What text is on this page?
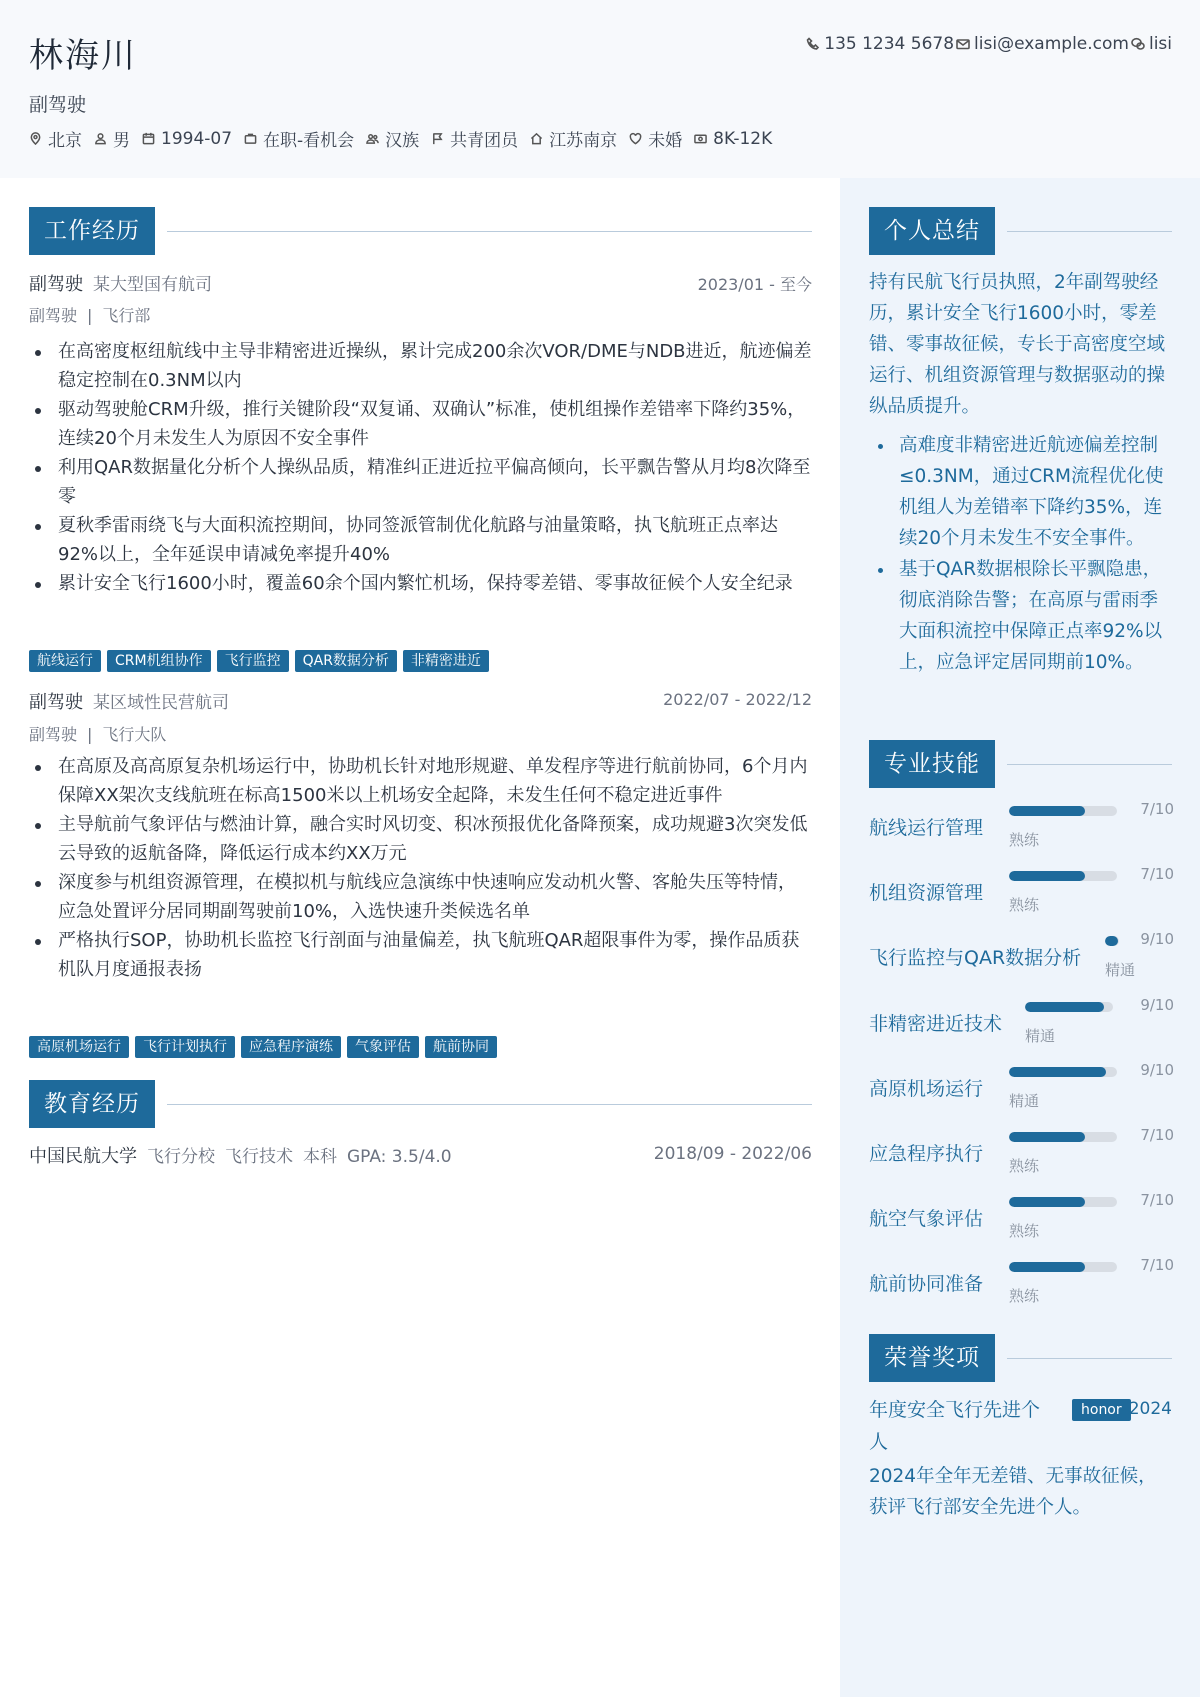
林海川
副驾驶
北京 男 1994-07 在职-看机会 汉族 共青团员 江苏南京 未婚 8K-12K
135 1234 5678 lisi@example.com lisi
工作经历
副驾驶 某大型国有航司	2023/01 - 至今
副驾驶 | 飞行部
在高密度枢纽航线中主导非精密进近操纵，累计完成200余次VOR/DME与NDB进近，航迹偏差稳定控制在0.3NM以内
驱动驾驶舱CRM升级，推行关键阶段“双复诵、双确认”标准，使机组操作差错率下降约35%，连续20个月未发生人为原因不安全事件
利用QAR数据量化分析个人操纵品质，精准纠正进近拉平偏高倾向，长平飘告警从月均8次降至零
夏秋季雷雨绕飞与大面积流控期间，协同签派管制优化航路与油量策略，执飞航班正点率达92%以上，全年延误申请减免率提升40%
累计安全飞行1600小时，覆盖60余个国内繁忙机场，保持零差错、零事故征候个人安全纪录
航线运行	CRM机组协作	飞行监控	QAR数据分析	非精密进近
副驾驶 某区域性民营航司	2022/07 - 2022/12
副驾驶 | 飞行大队
在高原及高高原复杂机场运行中，协助机长针对地形规避、单发程序等进行航前协同，6个月内保障XX架次支线航班在标高1500米以上机场安全起降，未发生任何不稳定进近事件
主导航前气象评估与燃油计算，融合实时风切变、积冰预报优化备降预案，成功规避3次突发低云导致的返航备降，降低运行成本约XX万元
深度参与机组资源管理，在模拟机与航线应急演练中快速响应发动机火警、客舱失压等特情，应急处置评分居同期副驾驶前10%，入选快速升类候选名单
严格执行SOP，协助机长监控飞行剖面与油量偏差，执飞航班QAR超限事件为零，操作品质获机队月度通报表扬
高原机场运行	飞行计划执行	应急程序演练	气象评估	航前协同
教育经历
中国民航大学 飞行分校 飞行技术 本科 GPA: 3.5/4.0	2018/09 - 2022/06
个人总结
持有民航飞行员执照，2年副驾驶经历，累计安全飞行1600小时，零差错、零事故征候，专长于高密度空域运行、机组资源管理与数据驱动的操纵品质提升。
高难度非精密进近航迹偏差控制≤0.3NM，通过CRM流程优化使机组人为差错率下降约35%，连续20个月未发生不安全事件。
基于QAR数据根除长平飘隐患，彻底消除告警；在高原与雷雨季大面积流控中保障正点率92%以上，应急评定居同期前10%。
专业技能
航线运行管理
7/10
熟练
机组资源管理
7/10
熟练
飞行监控与QAR数据分析
9/10
精通
非精密进近技术
9/10
精通
高原机场运行
9/10
精通
应急程序执行
7/10
熟练
航空气象评估
7/10
熟练
航前协同准备
7/10
熟练
荣誉奖项
年度安全飞行先进个人
honor 2024
2024年全年无差错、无事故征候，获评飞行部安全先进个人。
